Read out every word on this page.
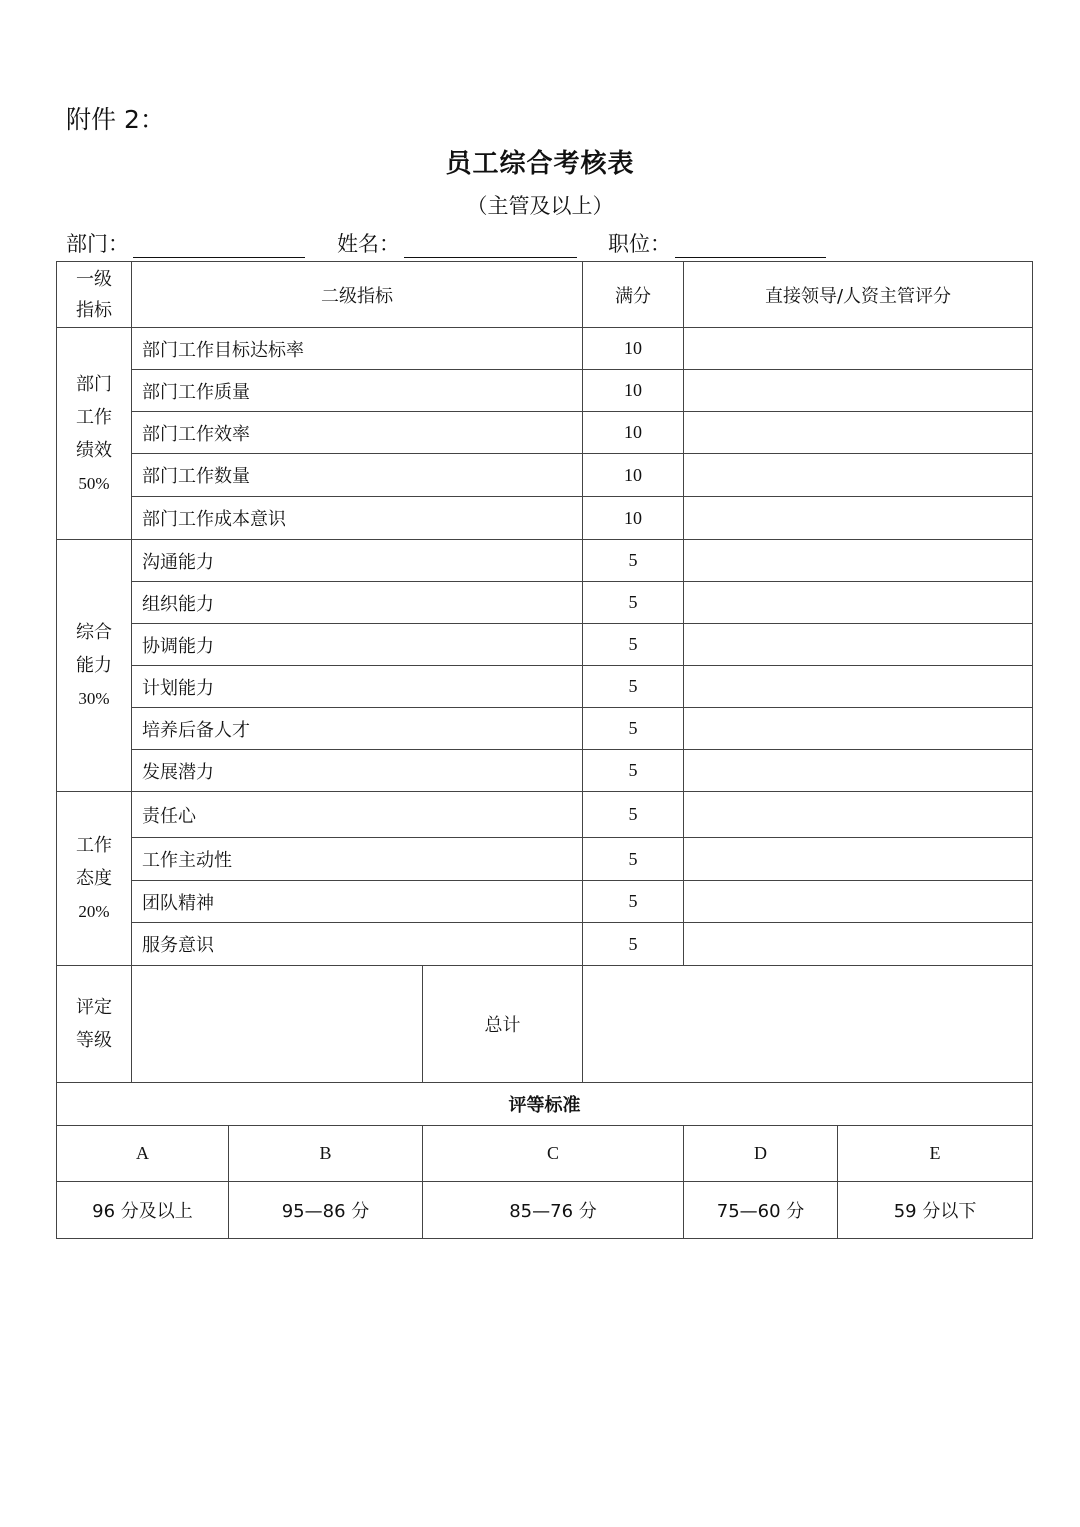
附件 2：
员工综合考核表
（主管及以上）
部门：	姓名：	职位：
一级
指标	二级指标			满分	直接领导/人资主管评分	

部门
工作
绩效
50%	部门工作目标达标率			10		
	部门工作质量			10		
	部门工作效率			10		
	部门工作数量			10		
	部门工作成本意识			10		

综合
能力
30%	沟通能力			5		
	组织能力			5		
	协调能力			5		
	计划能力			5		
	培养后备人才			5		
	发展潜力			5		

工作
态度
20%	责任心			5		
	工作主动性			5		
	团队精神			5		
	服务意识			5		

评定
等级			总计			
评等标准						
A		B	C		D	E
96 分及以上		95—86 分	85—76 分		75—60 分	59 分以下
